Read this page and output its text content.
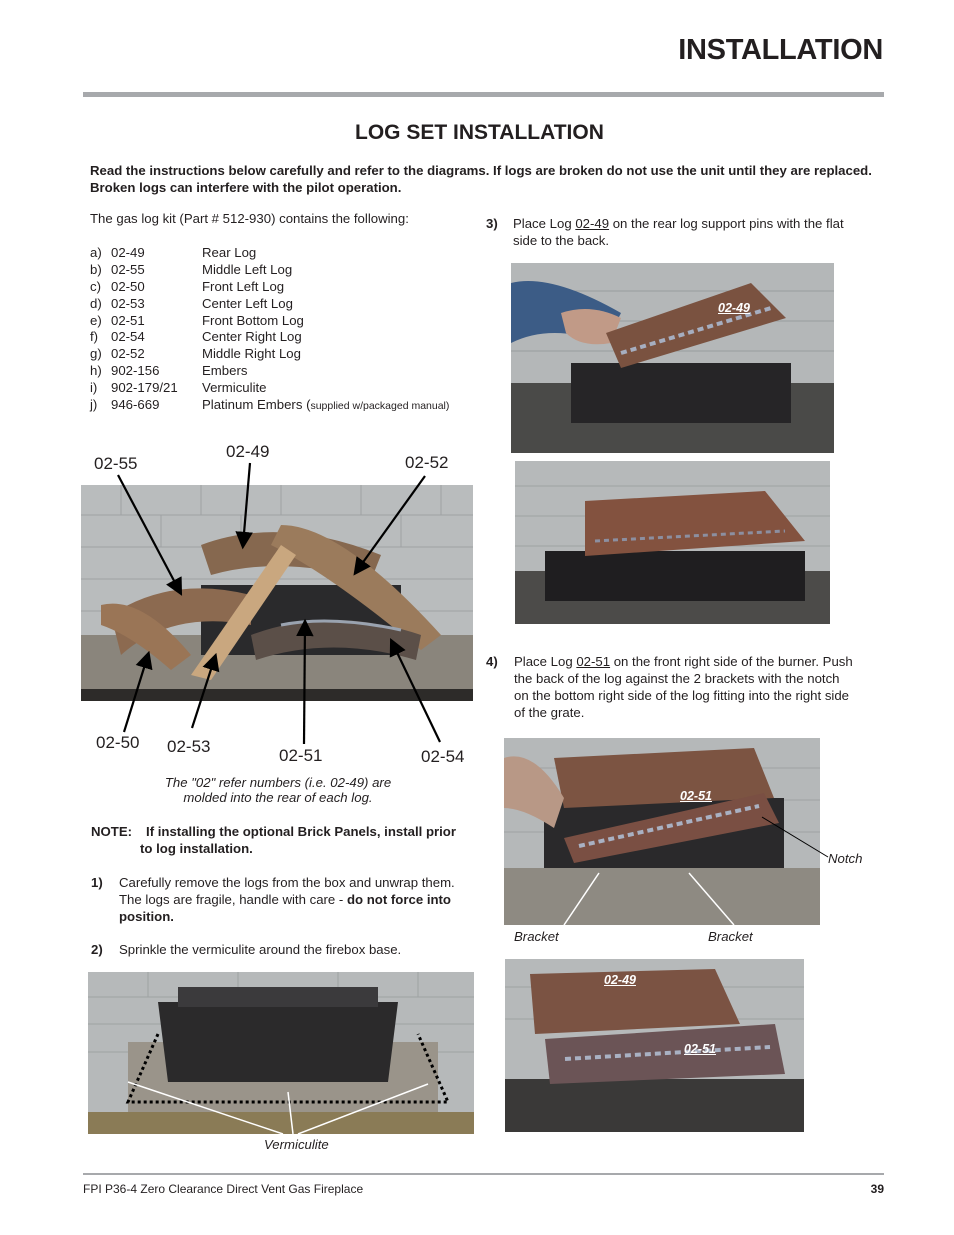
INSTALLATION
LOG SET INSTALLATION
Read the instructions below carefully and refer to the diagrams. If logs are broken do not use the unit until they are replaced. Broken logs can interfere with the pilot operation.
The gas log kit (Part # 512-930) contains the following:
a) 02-49	Rear Log
b) 02-55	Middle Left Log
c) 02-50	Front Left Log
d) 02-53	Center Left Log
e) 02-51	Front Bottom Log
f) 02-54	Center Right Log
g) 02-52	Middle Right Log
h) 902-156	Embers
i) 902-179/21 Vermiculite
j) 946-669	Platinum Embers (supplied w/packaged manual)
02-55
02-49
02-52
02-50 02-53	02-51	02-54
The "02" refer numbers (i.e. 02-49) are
molded into the rear of each log.
NOTE: If installing the optional Brick Panels, install prior
to log installation.
1) Carefully remove the logs from the box and unwrap them.
The logs are fragile, handle with care - do not force into
position.
2) Sprinkle the vermiculite around the firebox base.
Vermiculite
3) Place Log 02-49 on the rear log support pins with the flat
side to the back.
02-49
4) Place Log 02-51 on the front right side of the burner. Push
the back of the log against the 2 brackets with the notch
on the bottom right side of the log fitting into the right side
of the grate.
02-51
Notch
Bracket	Bracket
02-49
02-51
FPI P36-4 Zero Clearance Direct Vent Gas Fireplace	39
